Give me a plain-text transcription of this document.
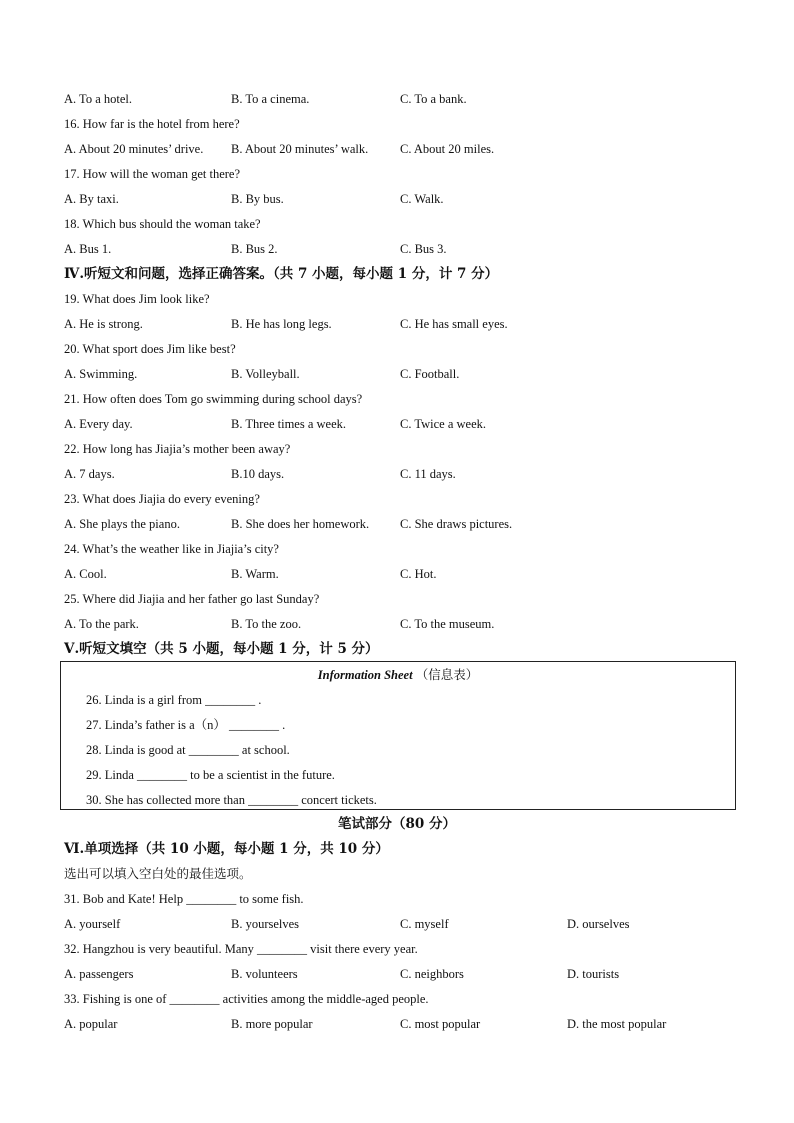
A. To a hotel.	B. To a cinema.	C. To a bank.
16. How far is the hotel from here?
A. About 20 minutes’ drive. B. About 20 minutes’ walk.	C. About 20 miles.
17. How will the woman get there?
A. By taxi.	B. By bus.	C. Walk.
18. Which bus should the woman take?
A. Bus 1.	B. Bus 2.	C. Bus 3.
Ⅳ.听短文和问题，选择正确答案。（共 7 小题，每小题 1 分，计 7 分）
19. What does Jim look like?
A. He is strong.	B. He has long legs.	C. He has small eyes.
20. What sport does Jim like best?
A. Swimming.	B. Volleyball.	C. Football.
21. How often does Tom go swimming during school days?
A. Every day.	B. Three times a week.	C. Twice a week.
22. How long has Jiajia’s mother been away?
A. 7 days.	B.10 days.	C. 11 days.
23. What does Jiajia do every evening?
A. She plays the piano.	B. She does her homework. C. She draws pictures.
24. What’s the weather like in Jiajia’s city?
A. Cool.	B. Warm.	C. Hot.
25. Where did Jiajia and her father go last Sunday?
A. To the park.	B. To the zoo.	C. To the museum.
Ⅴ.听短文填空（共 5 小题，每小题 1 分，计 5 分）
Information Sheet （信息表）
26. Linda is a girl from ________ .
27. Linda’s father is a（n） ________ .
28. Linda is good at ________ at school.
29. Linda ________ to be a scientist in the future.
30. She has collected more than ________ concert tickets.
笔试部分（80 分）
Ⅵ.单项选择（共 10 小题，每小题 1 分，共 10 分）
选出可以填入空白处的最佳选项。
31. Bob and Kate! Help ________ to some fish.
A. yourself	B. yourselves	C. myself	D. ourselves
32. Hangzhou is very beautiful. Many ________ visit there every year.
A. passengers	B. volunteers	C. neighbors	D. tourists
33. Fishing is one of ________ activities among the middle-aged people.
A. popular	B. more popular	C. most popular	D. the most popular
